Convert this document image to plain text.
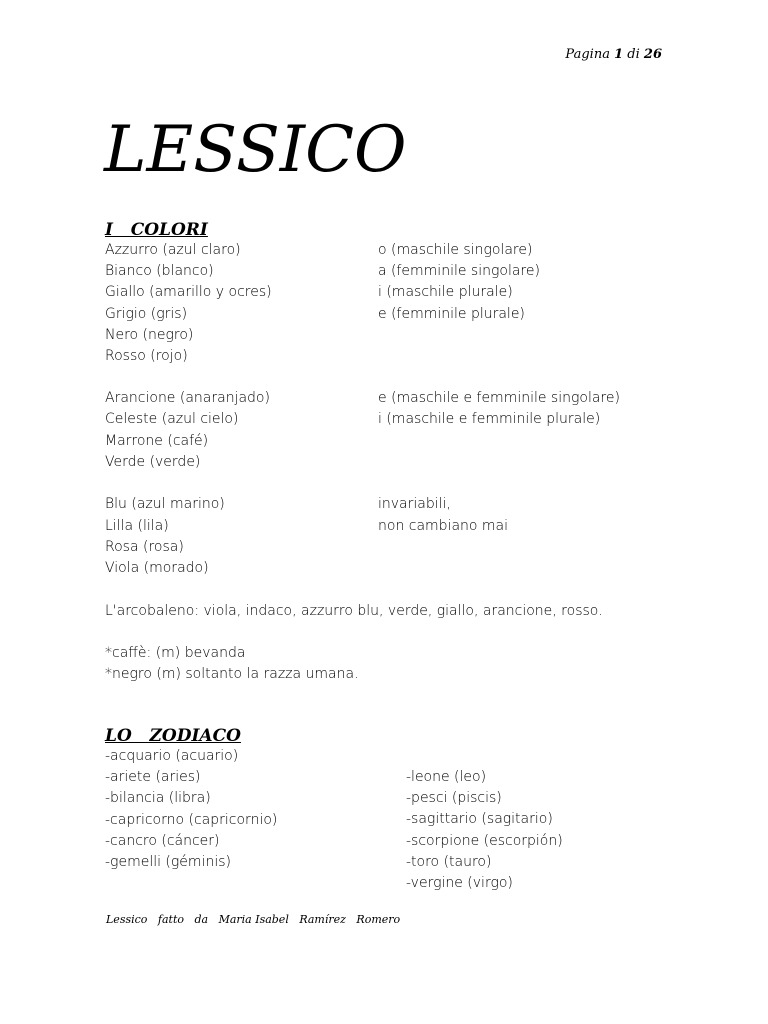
Pagina 1 di 26
LESSICO
I   COLORI
Azzurro (azul claro)
Bianco (blanco)
Giallo (amarillo y ocres)
Grigio (gris)
Nero (negro)
Rosso (rojo)
o (maschile singolare)
a (femminile singolare)
i (maschile plurale)
e (femminile plurale)
Arancione (anaranjado)
Celeste (azul cielo)
Marrone (café)
Verde (verde)
e (maschile e femminile singolare)
i (maschile e femminile plurale)
Blu (azul marino)
Lilla (lila)
Rosa (rosa)
Viola (morado)
invariabili,
non cambiano mai
L'arcobaleno: viola, indaco, azzurro blu, verde, giallo, arancione, rosso.
*caffè: (m) bevanda
*negro (m) soltanto la razza umana.
LO   ZODIACO
-acquario (acuario)
-ariete (aries)
-bilancia (libra)
-capricorno (capricornio)
-cancro (cáncer)
-gemelli (géminis)
-leone (leo)
-pesci (piscis)
-sagittario (sagitario)
-scorpione (escorpión)
-toro (tauro)
-vergine (virgo)
Lessico   fatto   da   Maria Isabel   Ramírez   Romero
